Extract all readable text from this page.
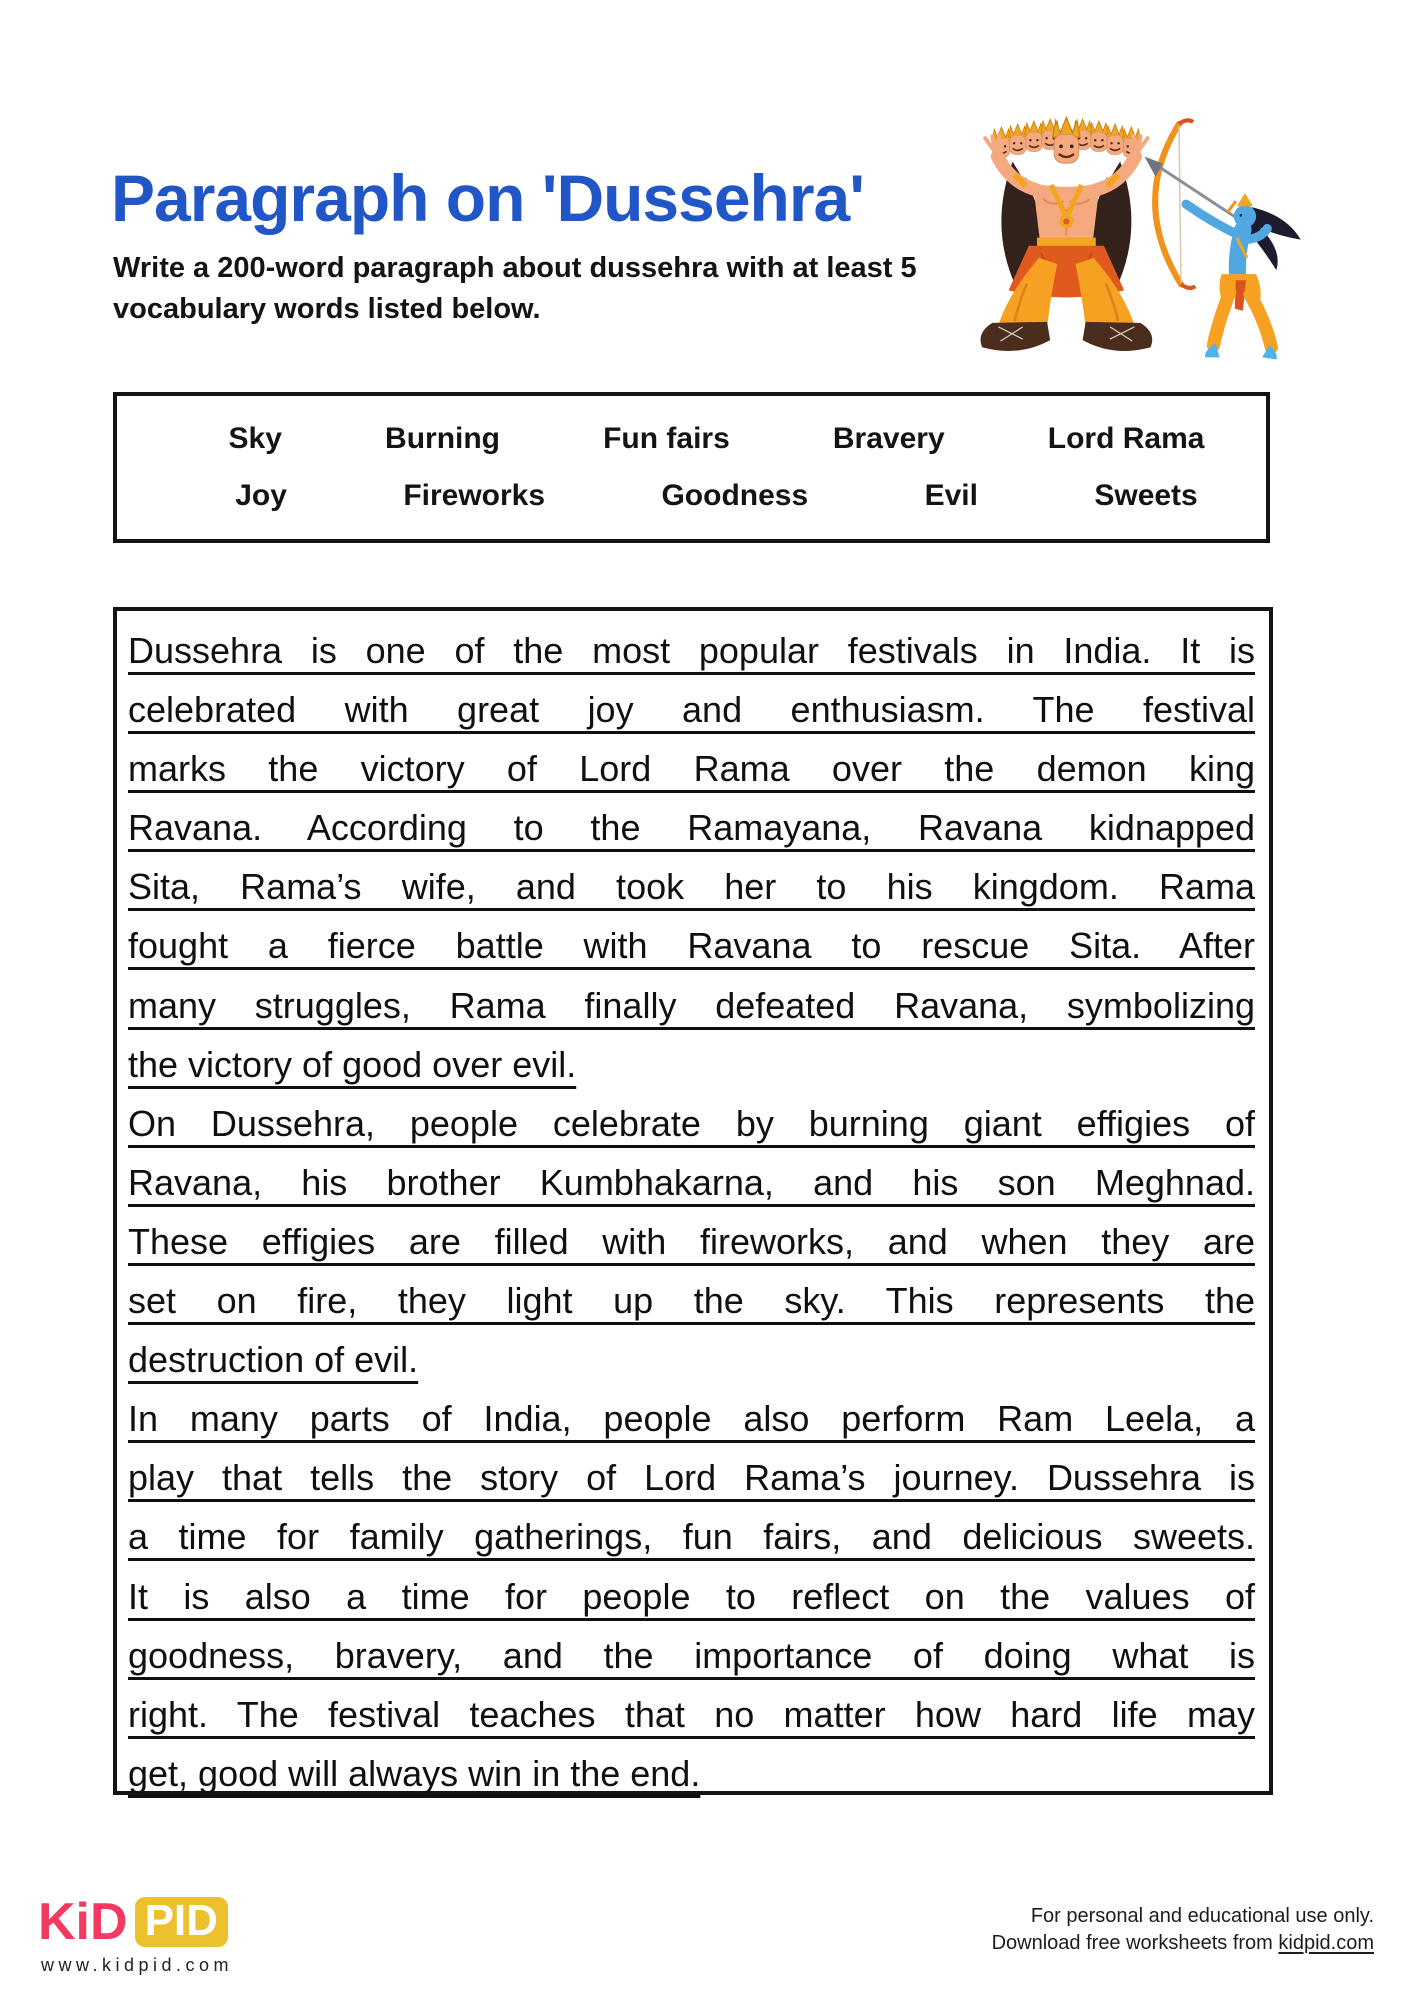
Paragraph on 'Dussehra'
Write a 200-word paragraph about dussehra with at least 5
vocabulary words listed below.
Sky	Burning	Fun fairs	Bravery	Lord Rama
Joy	Fireworks	Goodness	Evil	Sweets
Dussehra is one of the most popular festivals in India. It is
celebrated with great joy and enthusiasm. The festival
marks the victory of Lord Rama over the demon king
Ravana. According to the Ramayana, Ravana kidnapped
Sita, Rama’s wife, and took her to his kingdom. Rama
fought a fierce battle with Ravana to rescue Sita. After
many struggles, Rama finally defeated Ravana, symbolizing
the victory of good over evil.
On Dussehra, people celebrate by burning giant effigies of
Ravana, his brother Kumbhakarna, and his son Meghnad.
These effigies are filled with fireworks, and when they are
set on fire, they light up the sky. This represents the
destruction of evil.
In many parts of India, people also perform Ram Leela, a
play that tells the story of Lord Rama’s journey. Dussehra is
a time for family gatherings, fun fairs, and delicious sweets.
It is also a time for people to reflect on the values of
goodness, bravery, and the importance of doing what is
right. The festival teaches that no matter how hard life may
get, good will always win in the end.
KiD PID
www.kidpid.com
For personal and educational use only.
Download free worksheets from kidpid.com
